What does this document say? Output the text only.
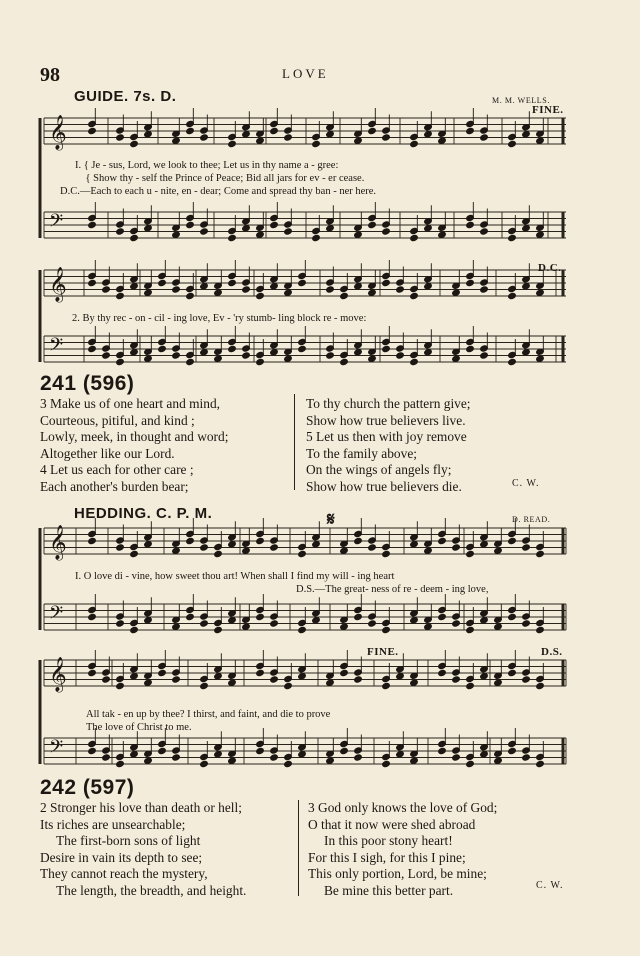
98	LOVE
𝄞
𝄢
𝄞
𝄢
𝄞
𝄢
𝄞
𝄢
GUIDE. 7s. D.	M. M. WELLS.
FINE.
D.C.
I. { Je - sus, Lord, we look to thee; Let us in thy name a - gree:
{ Show thy - self the Prince of Peace; Bid all jars for ev - er cease.
D.C.—Each to each u - nite, en - dear; Come and spread thy ban - ner here.
2. By thy rec - on - cil - ing love, Ev - 'ry stumb- ling block re - move:
241 (596)
3 Make us of one heart and mind,
Courteous, pitiful, and kind ;
Lowly, meek, in thought and word;
Altogether like our Lord.
4 Let us each for other care ;
Each another's burden bear;
To thy church the pattern give;
Show how true believers live.
5 Let us then with joy remove
To the family above;
On the wings of angels fly;
Show how true believers die.	C. W.
HEDDING. C. P. M.	D. READ.
FINE.	D.S.
𝄋
I. O love di - vine, how sweet thou art! When shall I find my will - ing heart
D.S.—The great- ness of re - deem - ing love,
All tak - en up by thee? I thirst, and faint, and die to prove
The love of Christ to me.
242 (597)
2 Stronger his love than death or hell;
Its riches are unsearchable;
The first-born sons of light
Desire in vain its depth to see;
They cannot reach the mystery,
The length, the breadth, and height.
3 God only knows the love of God;
O that it now were shed abroad
In this poor stony heart!
For this I sigh, for this I pine;
This only portion, Lord, be mine;
Be mine this better part.	C. W.
